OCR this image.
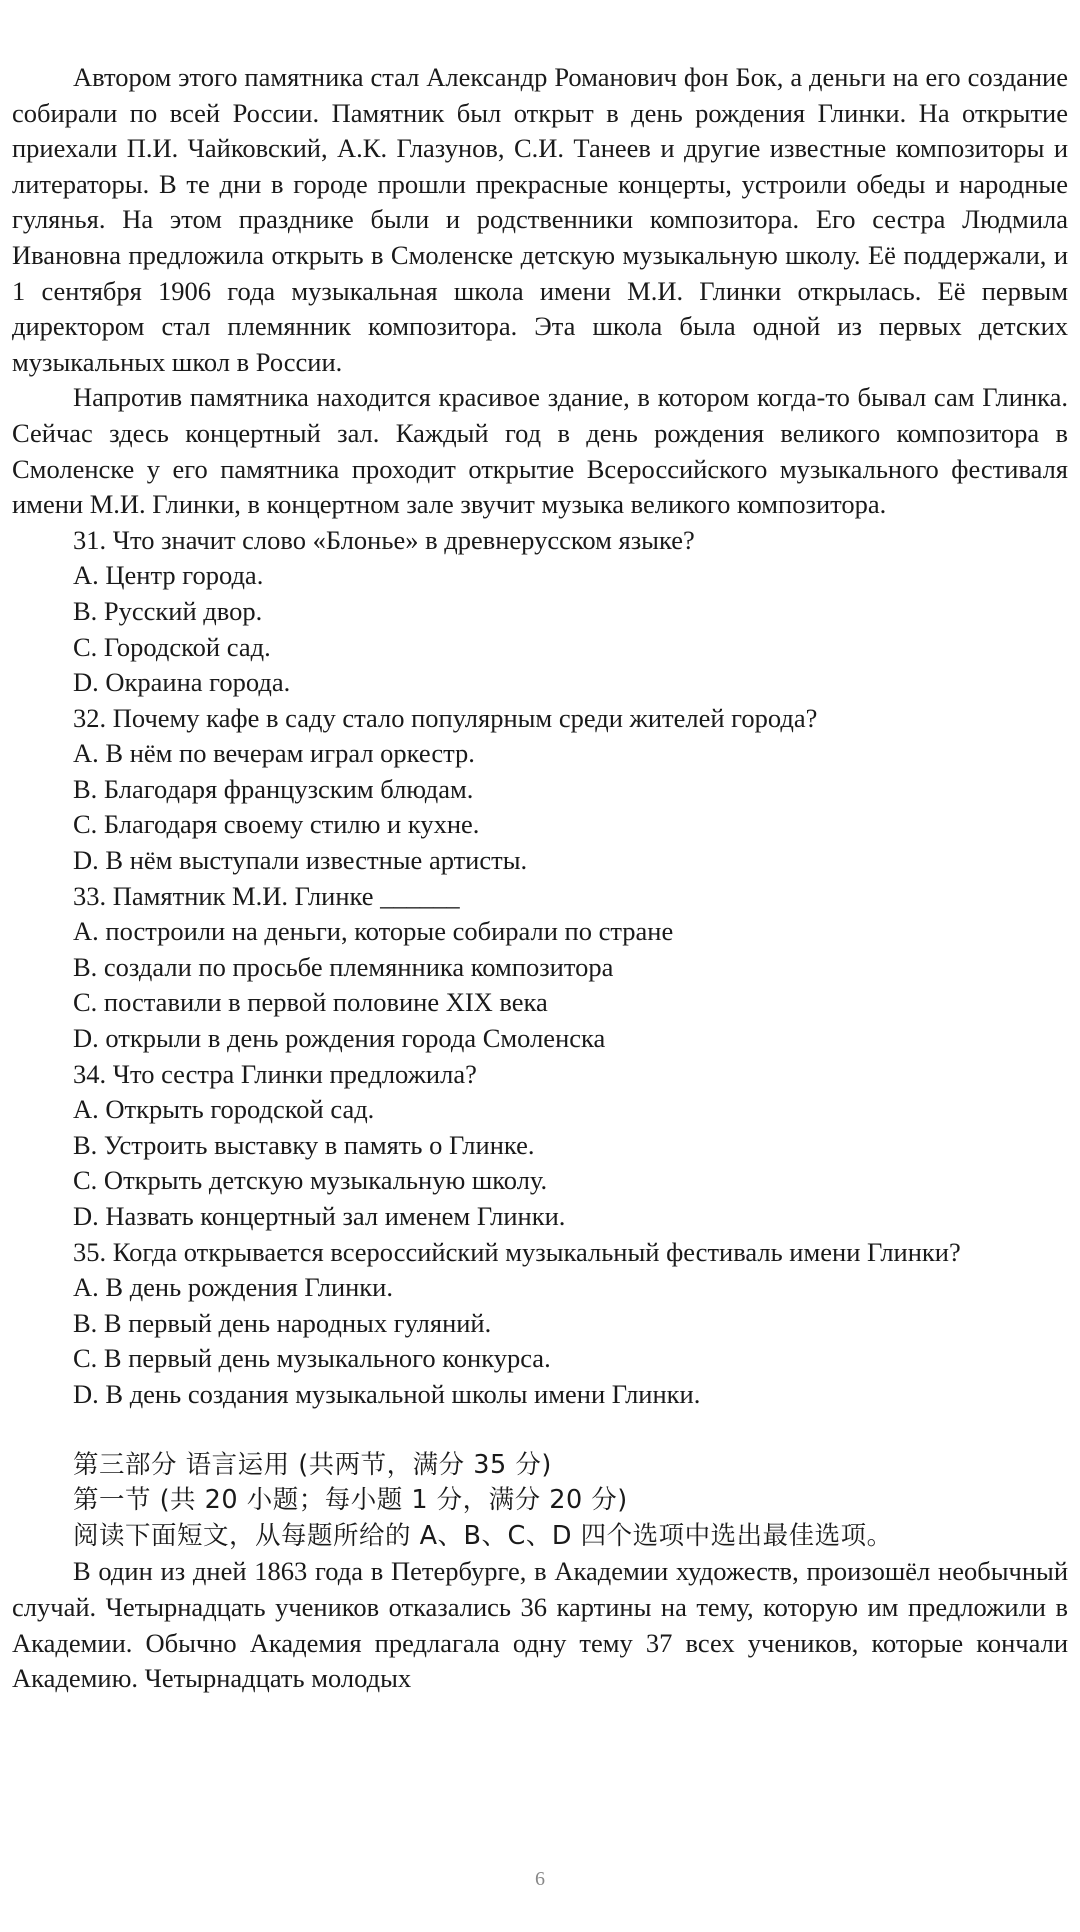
Автором этого памятника стал Александр Романович фон Бок, а деньги на его создание собирали по всей России. Памятник был открыт в день рождения Глинки. На открытие приехали П.И. Чайковский, А.К. Глазунов, С.И. Танеев и другие известные композиторы и литераторы. В те дни в городе прошли прекрасные концерты, устроили обеды и народные гулянья. На этом празднике были и родственники композитора. Его сестра Людмила Ивановна предложила открыть в Смоленске детскую музыкальную школу. Её поддержали, и 1 сентября 1906 года музыкальная школа имени М.И. Глинки открылась. Её первым директором стал племянник композитора. Эта школа была одной из первых детских музыкальных школ в России.

Напротив памятника находится красивое здание, в котором когда-то бывал сам Глинка. Сейчас здесь концертный зал. Каждый год в день рождения великого композитора в Смоленске у его памятника проходит открытие Всероссийского музыкального фестиваля имени М.И. Глинки, в концертном зале звучит музыка великого композитора.

31. Что значит слово «Блонье» в древнерусском языке?

A. Центр города.

B. Русский двор.

C. Городской сад.

D. Окраина города.

32. Почему кафе в саду стало популярным среди жителей города?

A. В нём по вечерам играл оркестр.

B. Благодаря французским блюдам.

C. Благодаря своему стилю и кухне.

D. В нём выступали известные артисты.

33. Памятник М.И. Глинке ______

A. построили на деньги, которые собирали по стране

B. создали по просьбе племянника композитора

C. поставили в первой половине XIX века

D. открыли в день рождения города Смоленска

34. Что сестра Глинки предложила?

A. Открыть городской сад.

B. Устроить выставку в память о Глинке.

C. Открыть детскую музыкальную школу.

D. Назвать концертный зал именем Глинки.

35. Когда открывается всероссийский музыкальный фестиваль имени Глинки?

A. В день рождения Глинки.

B. В первый день народных гуляний.

C. В первый день музыкального конкурса.

D. В день создания музыкальной школы имени Глинки.

第三部分 语言运用 (共两节，满分 35 分)

第一节 (共 20 小题；每小题 1 分，满分 20 分)

阅读下面短文，从每题所给的 A、B、C、D 四个选项中选出最佳选项。

В один из дней 1863 года в Петербурге, в Академии художеств, произошёл необычный случай. Четырнадцать учеников отказались 36 картины на тему, которую им предложили в Академии. Обычно Академия предлагала одну тему 37 всех учеников, которые кончали Академию. Четырнадцать молодых

6
